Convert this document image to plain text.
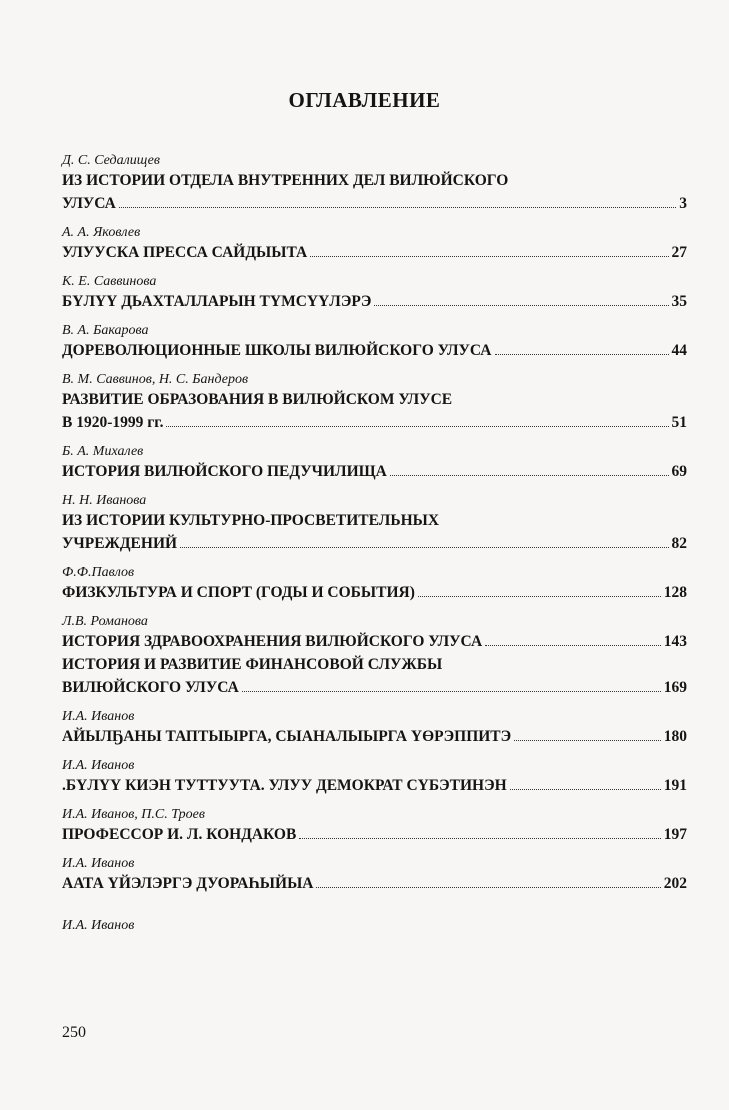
ОГЛАВЛЕНИЕ
Д. С. Седалищев
ИЗ ИСТОРИИ ОТДЕЛА ВНУТРЕННИХ ДЕЛ ВИЛЮЙСКОГО
УЛУСА	3
А. А. Яковлев
УЛУУСКА ПРЕССА САЙДЫЫТА	27
К. Е. Саввинова
БҮЛҮҮ ДЬАХТАЛЛАРЫН ТҮМСҮҮЛЭРЭ	35
В. А. Бакарова
ДОРЕВОЛЮЦИОННЫЕ ШКОЛЫ ВИЛЮЙСКОГО УЛУСА	44
В. М. Саввинов, Н. С. Бандеров
РАЗВИТИЕ ОБРАЗОВАНИЯ В ВИЛЮЙСКОМ УЛУСЕ
В 1920-1999 гг.	51
Б. А. Михалев
ИСТОРИЯ ВИЛЮЙСКОГО ПЕДУЧИЛИЩА	69
Н. Н. Иванова
ИЗ ИСТОРИИ КУЛЬТУРНО-ПРОСВЕТИТЕЛЬНЫХ
УЧРЕЖДЕНИЙ	82
Ф.Ф.Павлов
ФИЗКУЛЬТУРА И СПОРТ (ГОДЫ И СОБЫТИЯ)	128
Л.В. Романова
ИСТОРИЯ ЗДРАВООХРАНЕНИЯ ВИЛЮЙСКОГО УЛУСА	143
ИСТОРИЯ И РАЗВИТИЕ ФИНАНСОВОЙ СЛУЖБЫ
ВИЛЮЙСКОГО УЛУСА	169
И.А. Иванов
АЙЫЛҔАНЫ ТАПТЫЫРГА, СЫАНАЛЫЫРГА ҮӨРЭППИТЭ	180
И.А. Иванов
.БҮЛҮҮ КИЭН ТУТТУУТА. УЛУУ ДЕМОКРАТ СҮБЭТИНЭН	191
И.А. Иванов, П.С. Троев
ПРОФЕССОР И. Л. КОНДАКОВ	197
И.А. Иванов
ААТА ҮЙЭЛЭРГЭ ДУОРАҺЫЙЫА	202
И.А. Иванов
250
